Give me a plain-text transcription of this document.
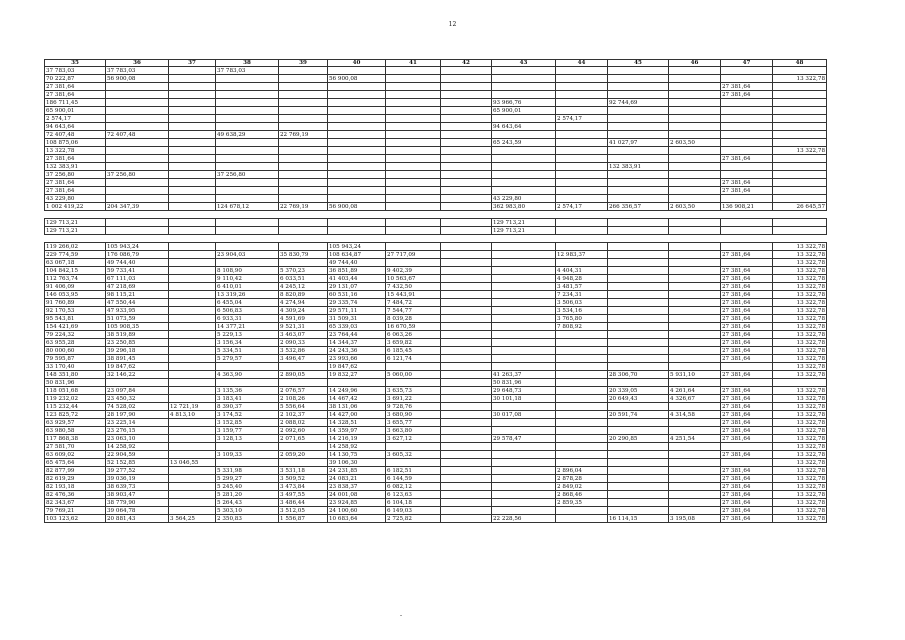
12
35	36	37	38	39	40	41	42	43	44	45	46	47	48
37 783,03	37 783,03		37 783,03										
70 222,87	56 900,08				56 900,08								13 322,78
27 381,64												27 381,64	
27 381,64												27 381,64	
186 711,45								93 966,76		92 744,69			
65 900,01								65 900,01					
2 574,17									2 574,17				
94 643,64								94 643,64					
72 407,48	72 407,48		49 638,29	22 769,19									
108 875,06								65 243,59		41 027,97	2 603,50		
13 322,78													13 322,78
27 381,64												27 381,64	
132 383,91										132 383,91			
37 256,80	37 256,80		37 256,80										
27 381,64												27 381,64	
27 381,64												27 381,64	
43 229,80								43 229,80					
1 002 419,22	204 347,39		124 678,12	22 769,19	56 900,08			362 983,80	2 574,17	266 356,57	2 603,50	136 908,21	26 645,57

129 713,21								129 713,21					
129 713,21								129 713,21					

119 266,02	105 943,24				105 943,24								13 322,78
229 774,59	176 086,79		23 904,03	35 830,79	108 634,87	27 717,09			12 983,37			27 381,64	13 322,78
63 067,18	49 744,40				49 744,40								13 322,78
104 842,15	59 733,41		8 108,90	5 370,23	36 851,89	9 402,39			4 404,31			27 381,64	13 322,78
112 763,74	67 111,03		9 110,42	6 033,51	41 403,44	10 563,67			4 948,28			27 381,64	13 322,78
91 406,09	47 218,69		6 410,01	4 245,12	29 131,07	7 432,50			3 481,57			27 381,64	13 322,78
146 053,95	98 115,21		13 319,26	8 820,89	60 531,16	15 443,91			7 234,31			27 381,64	13 322,78
91 760,89	47 550,44		6 455,04	4 274,94	29 335,74	7 484,72			3 506,03			27 381,64	13 322,78
92 170,53	47 933,95		6 506,83	4 309,24	29 571,11	7 544,77			3 534,16			27 381,64	13 322,78
95 543,81	51 073,59		6 933,31	4 591,69	31 509,31	8 039,28			3 765,80			27 381,64	13 322,78
154 421,69	105 908,35		14 377,21	9 521,31	65 339,03	16 670,59			7 808,92			27 381,64	13 322,78
79 224,32	38 519,89		5 229,13	3 463,07	23 764,44	6 063,26						27 381,64	13 322,78
63 955,28	23 250,85		3 156,34	2 090,33	14 344,37	3 659,82						27 381,64	13 322,78
80 000,60	39 296,18		5 334,51	3 532,86	24 243,36	6 185,45						27 381,64	13 322,78
79 595,87	38 891,45		5 279,57	3 496,47	23 993,66	6 121,74						27 381,64	13 322,78
33 170,40	19 847,62				19 847,62								13 322,78
148 351,80	32 146,22		4 363,90	2 890,05	19 832,27	5 060,00		41 263,37		28 306,70	5 931,10	27 381,64	13 322,78
50 831,96								50 831,96					
118 051,68	23 097,84		3 135,36	2 076,57	14 249,96	3 635,73		29 648,73		20 339,05	4 261,64	27 381,64	13 322,78
119 232,02	23 450,32		3 183,41	2 108,26	14 467,42	3 691,22		30 101,18		20 649,43	4 326,67	27 381,64	13 322,78
115 232,44	74 528,02	12 721,19	8 390,37	5 556,64	38 131,06	9 728,76						27 381,64	13 322,78
123 825,72	28 197,90	4 813,10	3 174,52	2 102,37	14 427,00	3 680,90		30 017,08		20 591,74	4 314,58	27 381,64	13 322,78
63 929,57	23 225,14		3 152,85	2 088,02	14 328,51	3 655,77						27 381,64	13 322,78
63 980,58	23 276,15		3 159,77	2 092,60	14 359,97	3 663,80						27 381,64	13 322,78
117 868,38	23 063,10		3 128,13	2 071,65	14 216,19	3 627,12		29 578,47		20 290,85	4 251,54	27 381,64	13 322,78
27 581,70	14 258,92				14 258,92								13 322,78
63 609,02	22 904,59		3 109,33	2 059,20	14 130,75	3 605,32						27 381,64	13 322,78
65 475,64	52 152,85	13 046,55			39 106,30								13 322,78
82 877,99	39 277,52		5 331,98	3 531,18	24 231,85	6 182,51			2 896,04			27 381,64	13 322,78
82 619,29	39 036,19		5 299,27	3 509,52	24 083,21	6 144,59			2 878,28			27 381,64	13 322,78
82 193,18	38 639,73		5 245,40	3 473,84	23 838,37	6 082,12			2 849,02			27 381,64	13 322,78
82 476,36	38 903,47		5 281,20	3 497,55	24 001,08	6 123,63			2 868,46			27 381,64	13 322,78
82 343,67	38 779,90		5 264,43	3 486,44	23 924,85	6 104,18			2 859,35			27 381,64	13 322,78
79 769,21	39 064,78		5 303,10	3 512,05	24 100,60	6 149,03						27 381,64	13 322,78
103 123,62	20 881,43	3 564,25	2 350,83	1 556,87	10 683,64	2 725,82		22 228,56		16 114,15	3 195,08	27 381,64	13 322,78
-
